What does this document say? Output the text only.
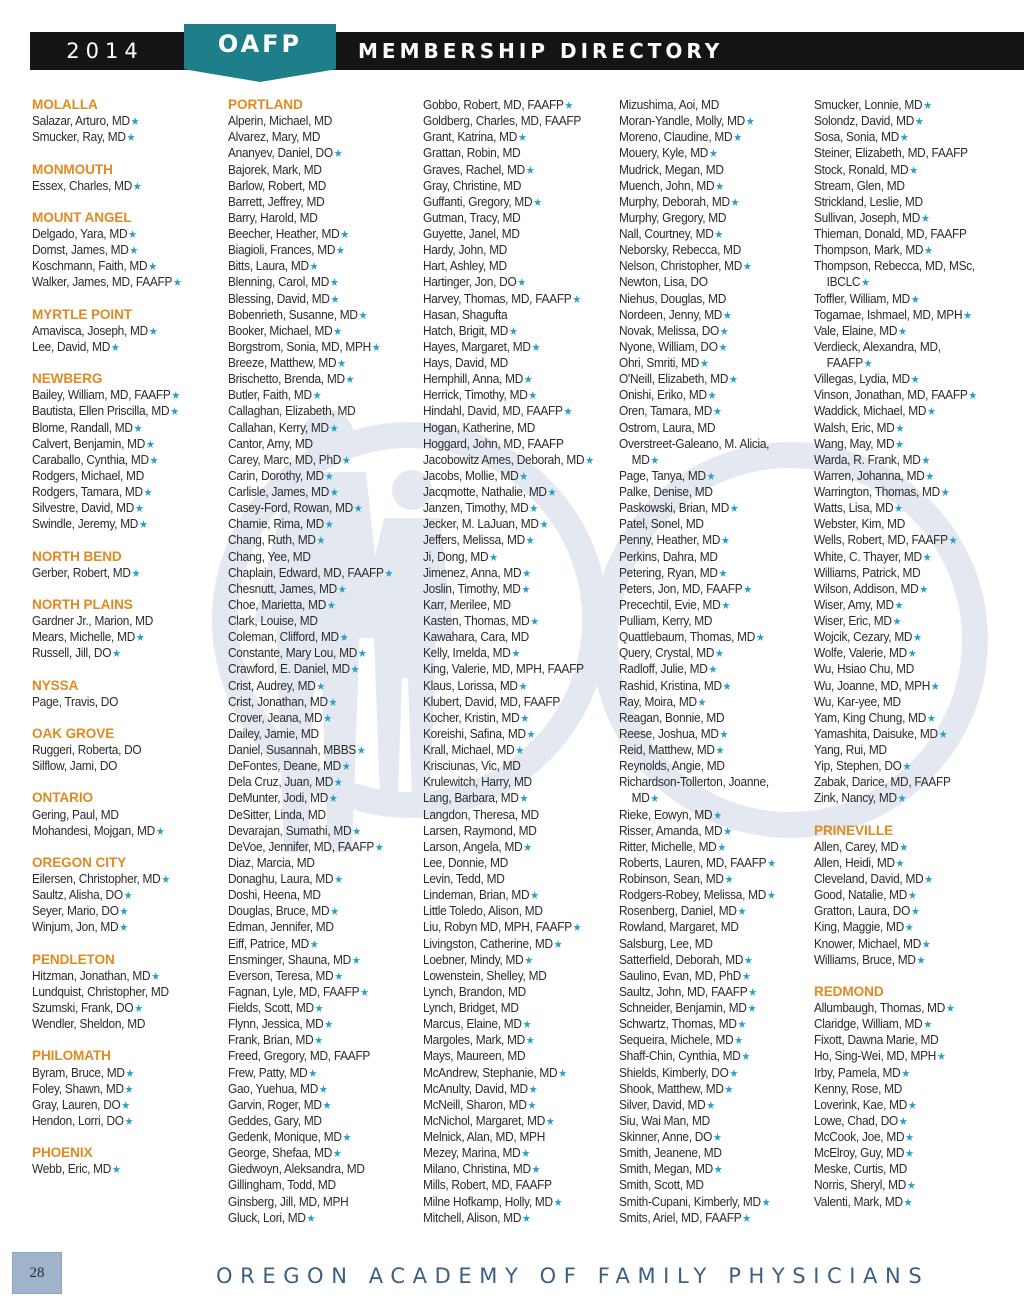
2014	OAFP	MEMBERSHIP DIRECTORY
MOLALLA
Salazar, Arturo, MD★
Smucker, Ray, MD★
MONMOUTH
Essex, Charles, MD★
MOUNT ANGEL
Delgado, Yara, MD★
Domst, James, MD★
Koschmann, Faith, MD★
Walker, James, MD, FAAFP★
MYRTLE POINT
Amavisca, Joseph, MD★
Lee, David, MD★
NEWBERG
Bailey, William, MD, FAAFP★
Bautista, Ellen Priscilla, MD★
Blome, Randall, MD★
Calvert, Benjamin, MD★
Caraballo, Cynthia, MD★
Rodgers, Michael, MD
Rodgers, Tamara, MD★
Silvestre, David, MD★
Swindle, Jeremy, MD★
NORTH BEND
Gerber, Robert, MD★
NORTH PLAINS
Gardner Jr., Marion, MD
Mears, Michelle, MD★
Russell, Jill, DO★
NYSSA
Page, Travis, DO
OAK GROVE
Ruggeri, Roberta, DO
Silflow, Jami, DO
ONTARIO
Gering, Paul, MD
Mohandesi, Mojgan, MD★
OREGON CITY
Eilersen, Christopher, MD★
Saultz, Alisha, DO★
Seyer, Mario, DO★
Winjum, Jon, MD★
PENDLETON
Hitzman, Jonathan, MD★
Lundquist, Christopher, MD
Szumski, Frank, DO★
Wendler, Sheldon, MD
PHILOMATH
Byram, Bruce, MD★
Foley, Shawn, MD★
Gray, Lauren, DO★
Hendon, Lorri, DO★
PHOENIX
Webb, Eric, MD★
PORTLAND
Alperin, Michael, MD
Alvarez, Mary, MD
Ananyev, Daniel, DO★
Bajorek, Mark, MD
Barlow, Robert, MD
Barrett, Jeffrey, MD
Barry, Harold, MD
Beecher, Heather, MD★
Biagioli, Frances, MD★
Bitts, Laura, MD★
Blenning, Carol, MD★
Blessing, David, MD★
Bobenrieth, Susanne, MD★
Booker, Michael, MD★
Borgstrom, Sonia, MD, MPH★
Breeze, Matthew, MD★
Brischetto, Brenda, MD★
Butler, Faith, MD★
Callaghan, Elizabeth, MD
Callahan, Kerry, MD★
Cantor, Amy, MD
Carey, Marc, MD, PhD★
Carin, Dorothy, MD★
Carlisle, James, MD★
Casey-Ford, Rowan, MD★
Chamie, Rima, MD★
Chang, Ruth, MD★
Chang, Yee, MD
Chaplain, Edward, MD, FAAFP★
Chesnutt, James, MD★
Choe, Marietta, MD★
Clark, Louise, MD
Coleman, Clifford, MD★
Constante, Mary Lou, MD★
Crawford, E. Daniel, MD★
Crist, Audrey, MD★
Crist, Jonathan, MD★
Crover, Jeana, MD★
Dailey, Jamie, MD
Daniel, Susannah, MBBS★
DeFontes, Deane, MD★
Dela Cruz, Juan, MD★
DeMunter, Jodi, MD★
DeSitter, Linda, MD
Devarajan, Sumathi, MD★
DeVoe, Jennifer, MD, FAAFP★
Diaz, Marcia, MD
Donaghu, Laura, MD★
Doshi, Heena, MD
Douglas, Bruce, MD★
Edman, Jennifer, MD
Eiff, Patrice, MD★
Ensminger, Shauna, MD★
Everson, Teresa, MD★
Fagnan, Lyle, MD, FAAFP★
Fields, Scott, MD★
Flynn, Jessica, MD★
Frank, Brian, MD★
Freed, Gregory, MD, FAAFP
Frew, Patty, MD★
Gao, Yuehua, MD★
Garvin, Roger, MD★
Geddes, Gary, MD
Gedenk, Monique, MD★
George, Shefaa, MD★
Giedwoyn, Aleksandra, MD
Gillingham, Todd, MD
Ginsberg, Jill, MD, MPH
Gluck, Lori, MD★
Gobbo, Robert, MD, FAAFP★
Goldberg, Charles, MD, FAAFP
Grant, Katrina, MD★
Grattan, Robin, MD
Graves, Rachel, MD★
Gray, Christine, MD
Guffanti, Gregory, MD★
Gutman, Tracy, MD
Guyette, Janel, MD
Hardy, John, MD
Hart, Ashley, MD
Hartinger, Jon, DO★
Harvey, Thomas, MD, FAAFP★
Hasan, Shagufta
Hatch, Brigit, MD★
Hayes, Margaret, MD★
Hays, David, MD
Hemphill, Anna, MD★
Herrick, Timothy, MD★
Hindahl, David, MD, FAAFP★
Hogan, Katherine, MD
Hoggard, John, MD, FAAFP
Jacobowitz Ames, Deborah, MD★
Jacobs, Mollie, MD★
Jacqmotte, Nathalie, MD★
Janzen, Timothy, MD★
Jecker, M. LaJuan, MD★
Jeffers, Melissa, MD★
Ji, Dong, MD★
Jimenez, Anna, MD★
Joslin, Timothy, MD★
Karr, Merilee, MD
Kasten, Thomas, MD★
Kawahara, Cara, MD
Kelly, Imelda, MD★
King, Valerie, MD, MPH, FAAFP
Klaus, Lorissa, MD★
Klubert, David, MD, FAAFP
Kocher, Kristin, MD★
Koreishi, Safina, MD★
Krall, Michael, MD★
Krisciunas, Vic, MD
Krulewitch, Harry, MD
Lang, Barbara, MD★
Langdon, Theresa, MD
Larsen, Raymond, MD
Larson, Angela, MD★
Lee, Donnie, MD
Levin, Tedd, MD
Lindeman, Brian, MD★
Little Toledo, Alison, MD
Liu, Robyn MD, MPH, FAAFP★
Livingston, Catherine, MD★
Loebner, Mindy, MD★
Lowenstein, Shelley, MD
Lynch, Brandon, MD
Lynch, Bridget, MD
Marcus, Elaine, MD★
Margoles, Mark, MD★
Mays, Maureen, MD
McAndrew, Stephanie, MD★
McAnulty, David, MD★
McNeill, Sharon, MD★
McNichol, Margaret, MD★
Melnick, Alan, MD, MPH
Mezey, Marina, MD★
Milano, Christina, MD★
Mills, Robert, MD, FAAFP
Milne Hofkamp, Holly, MD★
Mitchell, Alison, MD★
Mizushima, Aoi, MD
Moran-Yandle, Molly, MD★
Moreno, Claudine, MD★
Mouery, Kyle, MD★
Mudrick, Megan, MD
Muench, John, MD★
Murphy, Deborah, MD★
Murphy, Gregory, MD
Nall, Courtney, MD★
Neborsky, Rebecca, MD
Nelson, Christopher, MD★
Newton, Lisa, DO
Niehus, Douglas, MD
Nordeen, Jenny, MD★
Novak, Melissa, DO★
Nyone, William, DO★
Ohri, Smriti, MD★
O'Neill, Elizabeth, MD★
Onishi, Eriko, MD★
Oren, Tamara, MD★
Ostrom, Laura, MD
Overstreet-Galeano, M. Alicia,
MD★
Page, Tanya, MD★
Palke, Denise, MD
Paskowski, Brian, MD★
Patel, Sonel, MD
Penny, Heather, MD★
Perkins, Dahra, MD
Petering, Ryan, MD★
Peters, Jon, MD, FAAFP★
Precechtil, Evie, MD★
Pulliam, Kerry, MD
Quattlebaum, Thomas, MD★
Query, Crystal, MD★
Radloff, Julie, MD★
Rashid, Kristina, MD★
Ray, Moira, MD★
Reagan, Bonnie, MD
Reese, Joshua, MD★
Reid, Matthew, MD★
Reynolds, Angie, MD
Richardson-Tollerton, Joanne,
MD★
Rieke, Eowyn, MD★
Risser, Amanda, MD★
Ritter, Michelle, MD★
Roberts, Lauren, MD, FAAFP★
Robinson, Sean, MD★
Rodgers-Robey, Melissa, MD★
Rosenberg, Daniel, MD★
Rowland, Margaret, MD
Salsburg, Lee, MD
Satterfield, Deborah, MD★
Saulino, Evan, MD, PhD★
Saultz, John, MD, FAAFP★
Schneider, Benjamin, MD★
Schwartz, Thomas, MD★
Sequeira, Michele, MD★
Shaff-Chin, Cynthia, MD★
Shields, Kimberly, DO★
Shook, Matthew, MD★
Silver, David, MD★
Siu, Wai Man, MD
Skinner, Anne, DO★
Smith, Jeanene, MD
Smith, Megan, MD★
Smith, Scott, MD
Smith-Cupani, Kimberly, MD★
Smits, Ariel, MD, FAAFP★
Smucker, Lonnie, MD★
Solondz, David, MD★
Sosa, Sonia, MD★
Steiner, Elizabeth, MD, FAAFP
Stock, Ronald, MD★
Stream, Glen, MD
Strickland, Leslie, MD
Sullivan, Joseph, MD★
Thieman, Donald, MD, FAAFP
Thompson, Mark, MD★
Thompson, Rebecca, MD, MSc,
IBCLC★
Toffler, William, MD★
Togamae, Ishmael, MD, MPH★
Vale, Elaine, MD★
Verdieck, Alexandra, MD,
FAAFP★
Villegas, Lydia, MD★
Vinson, Jonathan, MD, FAAFP★
Waddick, Michael, MD★
Walsh, Eric, MD★
Wang, May, MD★
Warda, R. Frank, MD★
Warren, Johanna, MD★
Warrington, Thomas, MD★
Watts, Lisa, MD★
Webster, Kim, MD
Wells, Robert, MD, FAAFP★
White, C. Thayer, MD★
Williams, Patrick, MD
Wilson, Addison, MD★
Wiser, Amy, MD★
Wiser, Eric, MD★
Wojcik, Cezary, MD★
Wolfe, Valerie, MD★
Wu, Hsiao Chu, MD
Wu, Joanne, MD, MPH★
Wu, Kar-yee, MD
Yam, King Chung, MD★
Yamashita, Daisuke, MD★
Yang, Rui, MD
Yip, Stephen, DO★
Zabak, Darice, MD, FAAFP
Zink, Nancy, MD★
PRINEVILLE
Allen, Carey, MD★
Allen, Heidi, MD★
Cleveland, David, MD★
Good, Natalie, MD★
Gratton, Laura, DO★
King, Maggie, MD★
Knower, Michael, MD★
Williams, Bruce, MD★
REDMOND
Allumbaugh, Thomas, MD★
Claridge, William, MD★
Fixott, Dawna Marie, MD
Ho, Sing-Wei, MD, MPH★
Irby, Pamela, MD★
Kenny, Rose, MD
Loverink, Kae, MD★
Lowe, Chad, DO★
McCook, Joe, MD★
McElroy, Guy, MD★
Meske, Curtis, MD
Norris, Sheryl, MD★
Valenti, Mark, MD★
28	OREGON ACADEMY OF FAMILY PHYSICIANS
